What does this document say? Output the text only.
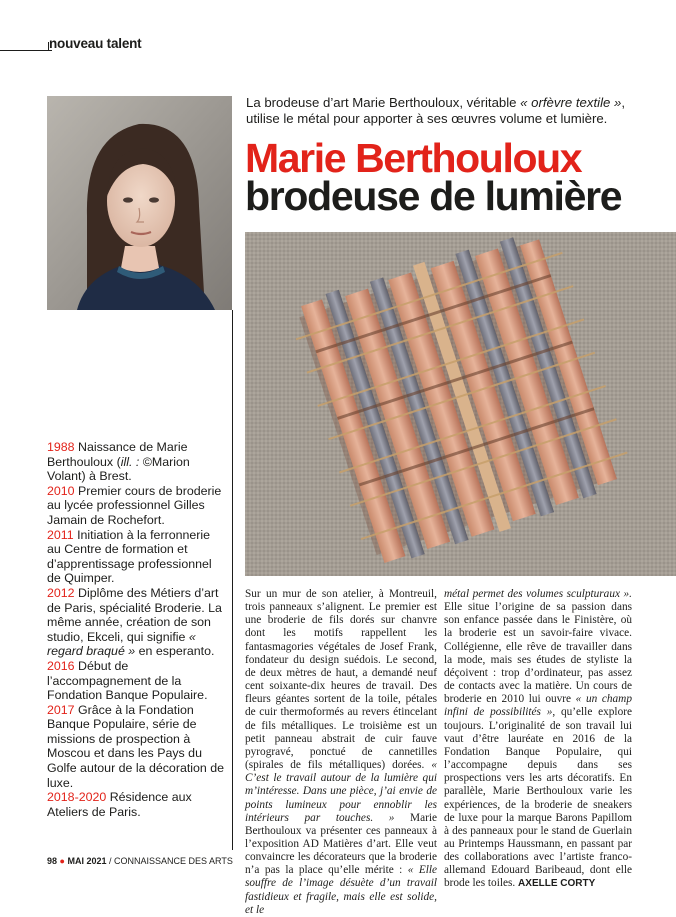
nouveau talent

La brodeuse d’art Marie Berthouloux, véritable « orfèvre textile », utilise le métal pour apporter à ses œuvres volume et lumière.

Marie Berthouloux
brodeuse de lumière

1988 Naissance de Marie Berthouloux (ill. : ©Marion Volant) à Brest.

2010 Premier cours de broderie au lycée professionnel Gilles Jamain de Rochefort.

2011 Initiation à la ferronnerie au Centre de formation et d’apprentissage professionnel de Quimper.

2012 Diplôme des Métiers d’art de Paris, spécialité Broderie. La même année, création de son studio, Ekceli, qui signifie « regard braqué » en esperanto.

2016 Début de l’accompagnement de la Fondation Banque Populaire.

2017 Grâce à la Fondation Banque Populaire, série de missions de prospection à Moscou et dans les Pays du Golfe autour de la décoration de luxe.

2018-2020 Résidence aux Ateliers de Paris.

Sur un mur de son atelier, à Montreuil, trois panneaux s’alignent. Le premier est une broderie de fils dorés sur chanvre dont les motifs rappellent les fantasmagories végétales de Josef Frank, fondateur du design suédois. Le second, de deux mètres de haut, a demandé neuf cent soixante-dix heures de travail. Des fleurs géantes sortent de la toile, pétales de cuir thermoformés au revers étincelant de fils métalliques. Le troisième est un petit panneau abstrait de cuir fauve pyrogravé, ponctué de cannetilles (spirales de fils métalliques) dorées. « C’est le travail autour de la lumière qui m’intéresse. Dans une pièce, j’ai envie de points lumineux pour ennoblir les intérieurs par touches. » Marie Berthouloux va présenter ces panneaux à l’exposition AD Matières d’art. Elle veut convaincre les décorateurs que la broderie n’a pas la place qu’elle mérite : « Elle souffre de l’image désuète d’un travail fastidieux et fragile, mais elle est solide, et le
métal permet des volumes sculpturaux ». Elle situe l’origine de sa passion dans son enfance passée dans le Finistère, où la broderie est un savoir-faire vivace. Collégienne, elle rêve de travailler dans la mode, mais ses études de styliste la déçoivent : trop d’ordinateur, pas assez de contacts avec la matière. Un cours de broderie en 2010 lui ouvre « un champ infini de possibilités », qu’elle explore toujours. L’originalité de son travail lui vaut d’être lauréate en 2016 de la Fondation Banque Populaire, qui l’accompagne depuis dans ses prospections vers les arts décoratifs. En parallèle, Marie Berthouloux varie les expériences, de la broderie de sneakers de luxe pour la marque Barons Papillom à des panneaux pour le stand de Guerlain au Printemps Haussmann, en passant par des collaborations avec l’artiste franco-allemand Edouard Baribeaud, dont elle brode les toiles. AXELLE CORTY
98 ● MAI 2021 / CONNAISSANCE DES ARTS
